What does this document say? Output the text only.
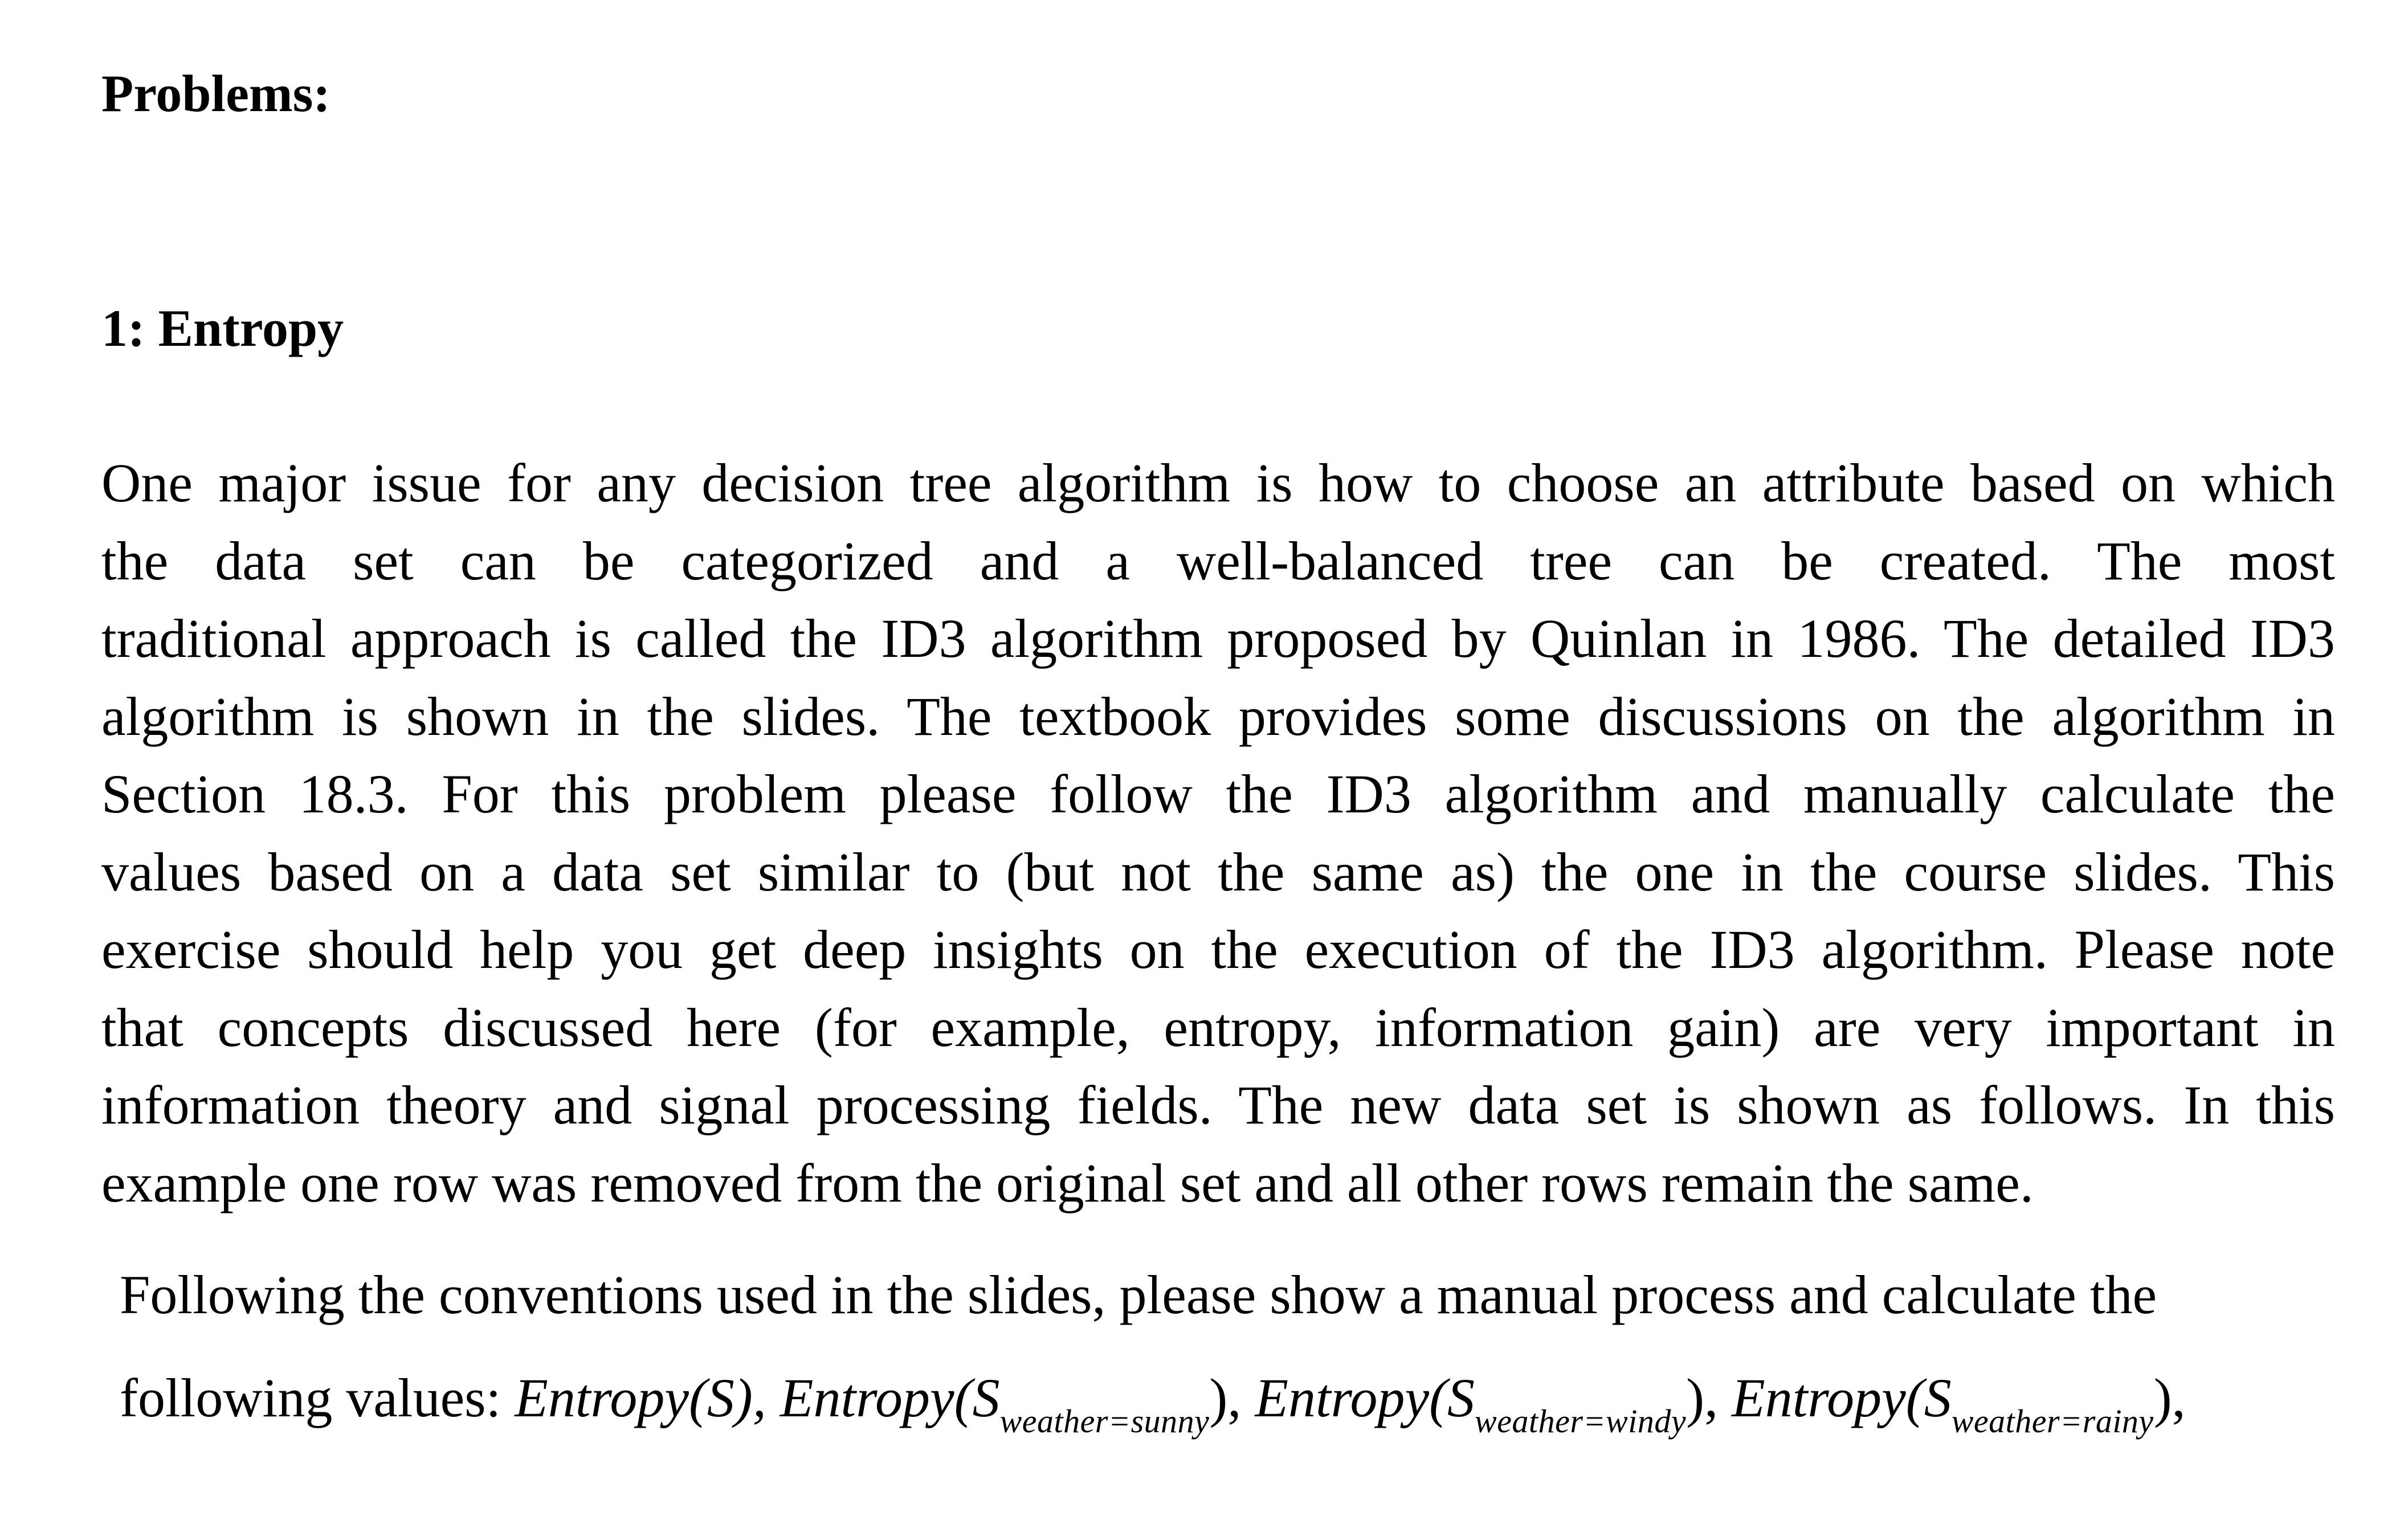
Problems:
1: Entropy

One major issue for any decision tree algorithm is how to choose an attribute based on which
the data set can be categorized and a well-balanced tree can be created. The most
traditional approach is called the ID3 algorithm proposed by Quinlan in 1986. The detailed ID3
algorithm is shown in the slides. The textbook provides some discussions on the algorithm in
Section 18.3. For this problem please follow the ID3 algorithm and manually calculate the
values based on a data set similar to (but not the same as) the one in the course slides. This
exercise should help you get deep insights on the execution of the ID3 algorithm. Please note
that concepts discussed here (for example, entropy, information gain) are very important in
information theory and signal processing fields. The new data set is shown as follows. In this
example one row was removed from the original set and all other rows remain the same.

Following the conventions used in the slides, please show a manual process and calculate the
following values: Entropy(S), $Entropy(S_{weather=sunny})$, $Entropy(S_{weather=windy})$, $Entropy(S_{weather=rainy})$,
